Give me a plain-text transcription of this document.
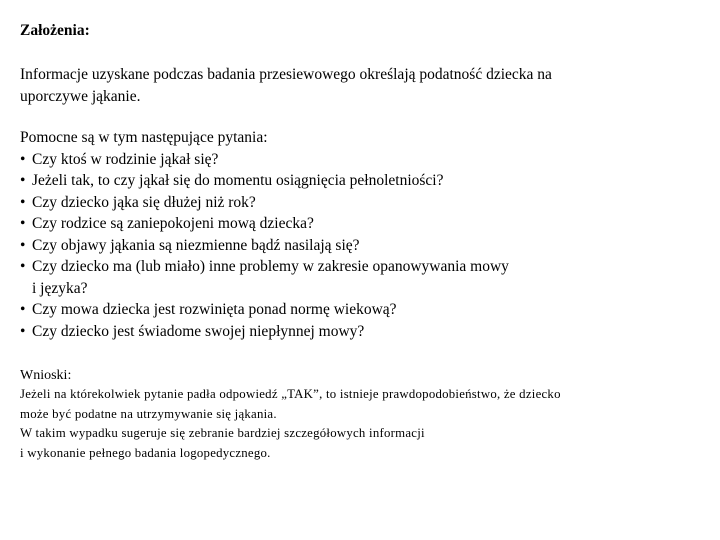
Założenia:

Informacje uzyskane podczas badania przesiewowego określają podatność dziecka na

uporczywe jąkanie.

Pomocne są w tym następujące pytania:

• Czy ktoś w rodzinie jąkał się?
• Jeżeli tak, to czy jąkał się do momentu osiągnięcia pełnoletniości?
• Czy dziecko jąka się dłużej niż rok?
• Czy rodzice są zaniepokojeni mową dziecka?
• Czy objawy jąkania są niezmienne bądź nasilają się?
• Czy dziecko ma (lub miało) inne problemy w zakresie opanowywania mowy
i języka?
• Czy mowa dziecka jest rozwinięta ponad normę wiekową?
• Czy dziecko jest świadome swojej niepłynnej mowy?

Wnioski:

Jeżeli na którekolwiek pytanie padła odpowiedź „TAK”, to istnieje prawdopodobieństwo, że dziecko

może być podatne na utrzymywanie się jąkania.

W takim wypadku sugeruje się zebranie bardziej szczegółowych informacji

i wykonanie pełnego badania logopedycznego.
